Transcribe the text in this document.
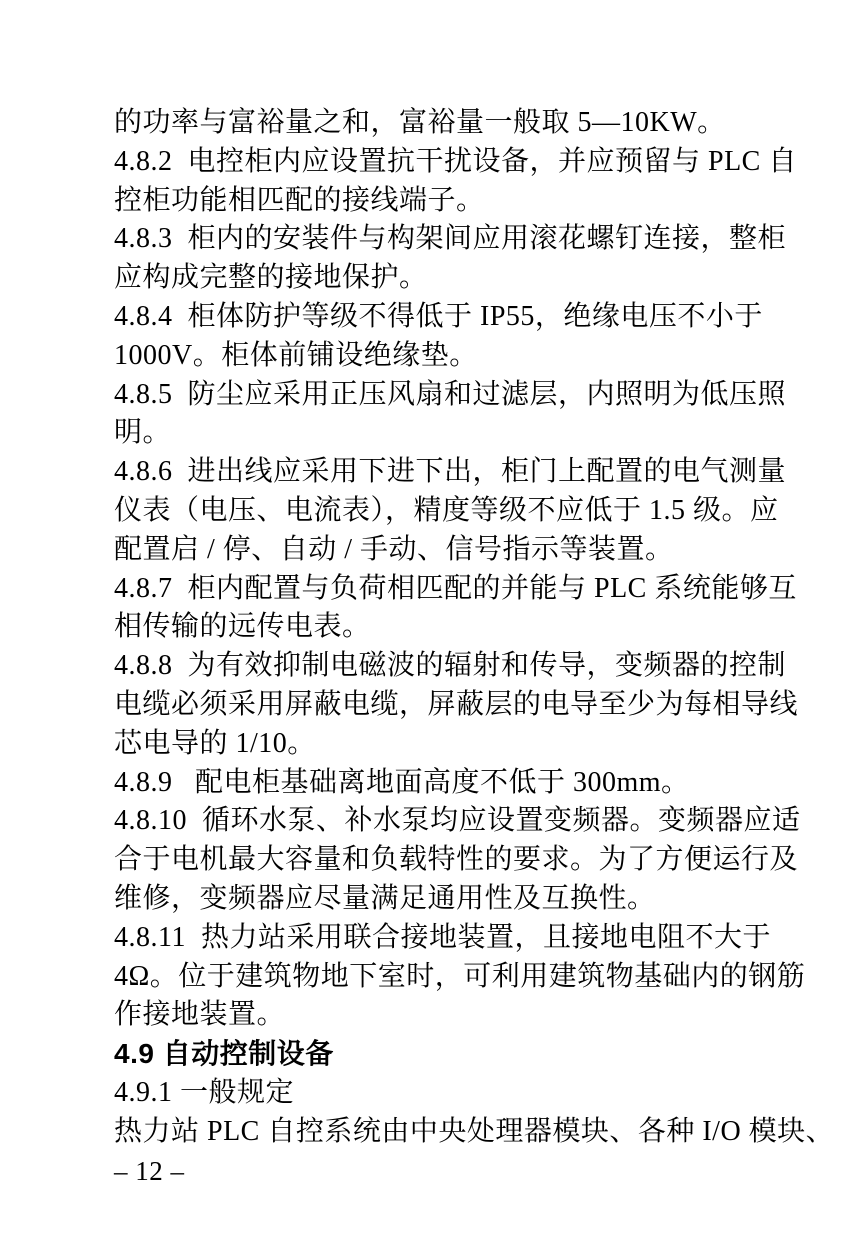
的功率与富裕量之和，富裕量一般取 5—10KW。
4.8.2  电控柜内应设置抗干扰设备，并应预留与 PLC 自
控柜功能相匹配的接线端子。
4.8.3  柜内的安装件与构架间应用滚花螺钉连接，整柜
应构成完整的接地保护。
4.8.4  柜体防护等级不得低于 IP55，绝缘电压不小于
1000V。柜体前铺设绝缘垫。
4.8.5  防尘应采用正压风扇和过滤层，内照明为低压照
明。
4.8.6  进出线应采用下进下出，柜门上配置的电气测量
仪表（电压、电流表），精度等级不应低于 1.5 级。应
配置启 / 停、自动 / 手动、信号指示等装置。
4.8.7  柜内配置与负荷相匹配的并能与 PLC 系统能够互
相传输的远传电表。
4.8.8  为有效抑制电磁波的辐射和传导，变频器的控制
电缆必须采用屏蔽电缆，屏蔽层的电导至少为每相导线
芯电导的 1/10。
4.8.9   配电柜基础离地面高度不低于 300mm。
4.8.10  循环水泵、补水泵均应设置变频器。变频器应适
合于电机最大容量和负载特性的要求。为了方便运行及
维修，变频器应尽量满足通用性及互换性。
4.8.11  热力站采用联合接地装置，且接地电阻不大于
4Ω。位于建筑物地下室时，可利用建筑物基础内的钢筋
作接地装置。
4.9 自动控制设备
4.9.1 一般规定
热力站 PLC 自控系统由中央处理器模块、各种 I/O 模块、
– 12 –
